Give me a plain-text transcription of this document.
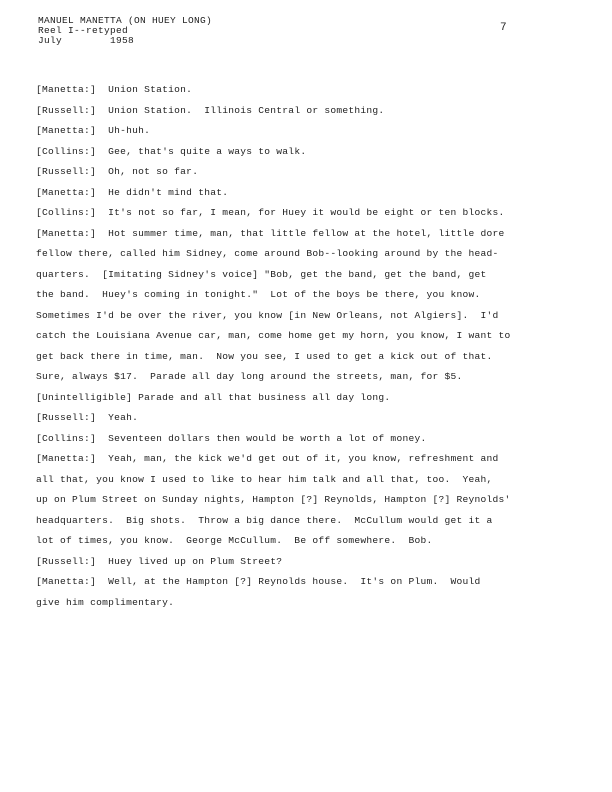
MANUEL MANETTA (ON HUEY LONG)
Reel I--retyped
July	1958
7
[Manetta:] Union Station.
[Russell:] Union Station.  Illinois Central or something.
[Manetta:] Uh-huh.
[Collins:] Gee, that's quite a ways to walk.
[Russell:] Oh, not so far.
[Manetta:] He didn't mind that.
[Collins:] It's not so far, I mean, for Huey it would be eight or ten blocks.
[Manetta:] Hot summer time, man, that little fellow at the hotel, little dore
fellow there, called him Sidney, come around Bob--looking around by the head-
quarters.  [Imitating Sidney's voice] "Bob, get the band, get the band, get
the band.  Huey's coming in tonight."  Lot of the boys be there, you know.
Sometimes I'd be over the river, you know [in New Orleans, not Algiers].  I'd
catch the Louisiana Avenue car, man, come home get my horn, you know, I want to
get back there in time, man.  Now you see, I used to get a kick out of that.
Sure, always $17.  Parade all day long around the streets, man, for $5.
[Unintelligible] Parade and all that business all day long.
[Russell:] Yeah.
[Collins:] Seventeen dollars then would be worth a lot of money.
[Manetta:] Yeah, man, the kick we'd get out of it, you know, refreshment and
all that, you know I used to like to hear him talk and all that, too.  Yeah,
up on Plum Street on Sunday nights, Hampton [?] Reynolds, Hampton [?] Reynolds'
headquarters.  Big shots.  Throw a big dance there.  McCullum would get it a
lot of times, you know.  George McCullum.  Be off somewhere.  Bob.
[Russell:] Huey lived up on Plum Street?
[Manetta:] Well, at the Hampton [?] Reynolds house.  It's on Plum.  Would
give him complimentary.
